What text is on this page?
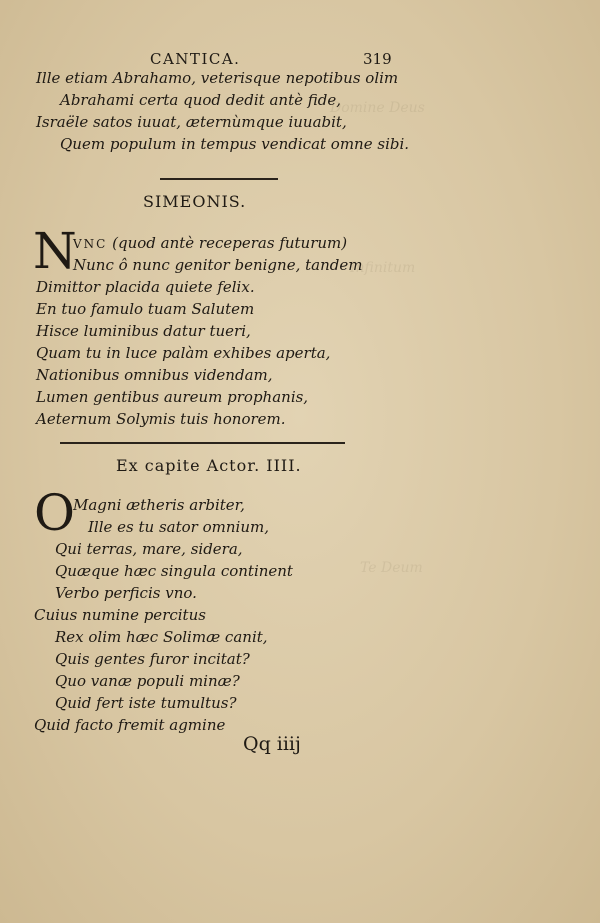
Domine Deus
Infinitum
Te Deum
CANTICA.	319
Ille etiam Abrahamo, veterisque nepotibus olim
Abrahami certa quod dedit antè fide,
Israële satos iuuat, æternùmque iuuabit,
Quem populum in tempus vendicat omne sibi.
SIMEONIS.
N
VNC (quod antè receperas futurum)
Nunc ô nunc genitor benigne, tandem
Dimittor placida quiete felix.
En tuo famulo tuam Salutem
Hisce luminibus datur tueri,
Quam tu in luce palàm exhibes aperta,
Nationibus omnibus videndam,
Lumen gentibus aureum prophanis,
Aeternum Solymis tuis honorem.
Ex capite Actor. IIII.
O
Magni ætheris arbiter,
Ille es tu sator omnium,
Qui terras, mare, sidera,
Quæque hæc singula continent
Verbo perficis vno.
Cuius numine percitus
Rex olim hæc Solimæ canit,
Quis gentes furor incitat?
Quo vanæ populi minæ?
Quid fert iste tumultus?
Quid facto fremit agmine
Qq iiij
